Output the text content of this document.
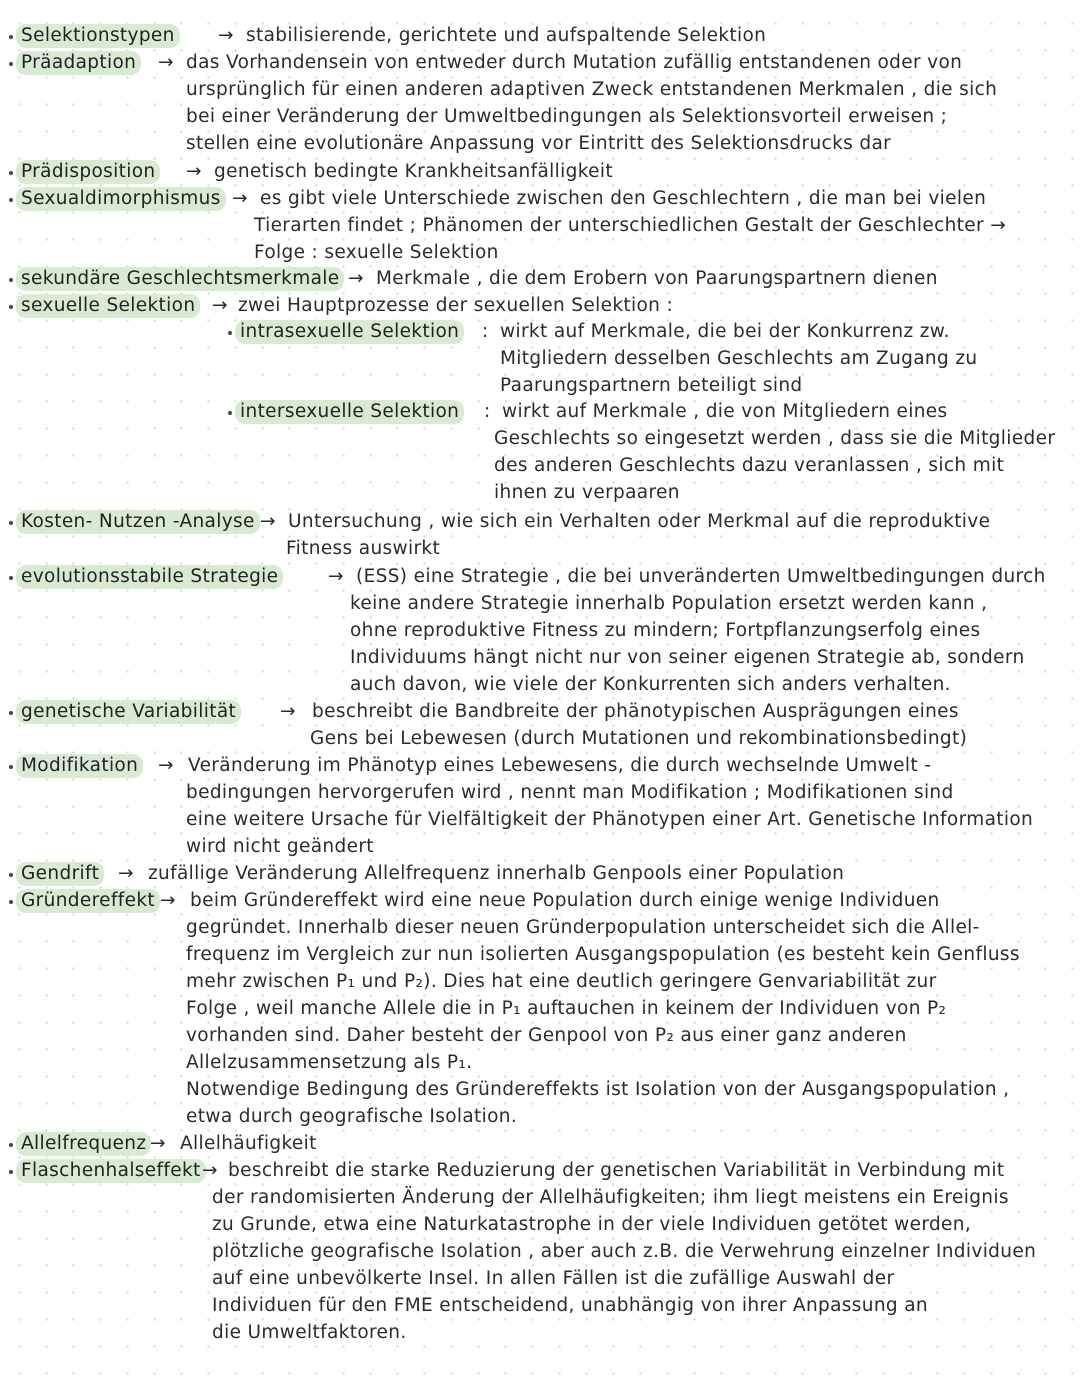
Selektionstypen → stabilisierende, gerichtete und aufspaltende Selektion
Präadaption → das Vorhandensein von entweder durch Mutation zufällig entstandenen oder von
ursprünglich für einen anderen adaptiven Zweck entstandenen Merkmalen , die sich
bei einer Veränderung der Umweltbedingungen als Selektionsvorteil erweisen ;
stellen eine evolutionäre Anpassung vor Eintritt des Selektionsdrucks dar
Prädisposition → genetisch bedingte Krankheitsanfälligkeit
Sexualdimorphismus → es gibt viele Unterschiede zwischen den Geschlechtern , die man bei vielen
Tierarten findet ; Phänomen der unterschiedlichen Gestalt der Geschlechter →
Folge : sexuelle Selektion
sekundäre Geschlechtsmerkmale → Merkmale , die dem Erobern von Paarungspartnern dienen
sexuelle Selektion → zwei Hauptprozesse der sexuellen Selektion :
intrasexuelle Selektion : wirkt auf Merkmale, die bei der Konkurrenz zw.
Mitgliedern desselben Geschlechts am Zugang zu
Paarungspartnern beteiligt sind
intersexuelle Selektion : wirkt auf Merkmale , die von Mitgliedern eines
Geschlechts so eingesetzt werden , dass sie die Mitglieder
des anderen Geschlechts dazu veranlassen , sich mit
ihnen zu verpaaren
Kosten- Nutzen -Analyse → Untersuchung , wie sich ein Verhalten oder Merkmal auf die reproduktive
Fitness auswirkt
evolutionsstabile Strategie	→ (ESS) eine Strategie , die bei unveränderten Umweltbedingungen durch
keine andere Strategie innerhalb Population ersetzt werden kann ,
ohne reproduktive Fitness zu mindern; Fortpflanzungserfolg eines
Individuums hängt nicht nur von seiner eigenen Strategie ab, sondern
auch davon, wie viele der Konkurrenten sich anders verhalten.
genetische Variabilität → beschreibt die Bandbreite der phänotypischen Ausprägungen eines
Gens bei Lebewesen (durch Mutationen und rekombinationsbedingt)
Modifikation → Veränderung im Phänotyp eines Lebewesens, die durch wechselnde Umwelt -
bedingungen hervorgerufen wird , nennt man Modifikation ; Modifikationen sind
eine weitere Ursache für Vielfältigkeit der Phänotypen einer Art. Genetische Information
wird nicht geändert
Gendrift → zufällige Veränderung Allelfrequenz innerhalb Genpools einer Population
Gründereffekt → beim Gründereffekt wird eine neue Population durch einige wenige Individuen
gegründet. Innerhalb dieser neuen Gründerpopulation unterscheidet sich die Allel-
frequenz im Vergleich zur nun isolierten Ausgangspopulation (es besteht kein Genfluss
mehr zwischen P₁ und P₂). Dies hat eine deutlich geringere Genvariabilität zur
Folge , weil manche Allele die in P₁ auftauchen in keinem der Individuen von P₂
vorhanden sind. Daher besteht der Genpool von P₂ aus einer ganz anderen
Allelzusammensetzung als P₁.
Notwendige Bedingung des Gründereffekts ist Isolation von der Ausgangspopulation ,
etwa durch geografische Isolation.
Allelfrequenz → Allelhäufigkeit
Flaschenhalseffekt → beschreibt die starke Reduzierung der genetischen Variabilität in Verbindung mit
der randomisierten Änderung der Allelhäufigkeiten; ihm liegt meistens ein Ereignis
zu Grunde, etwa eine Naturkatastrophe in der viele Individuen getötet werden,
plötzliche geografische Isolation , aber auch z.B. die Verwehrung einzelner Individuen
auf eine unbevölkerte Insel. In allen Fällen ist die zufällige Auswahl der
Individuen für den FME entscheidend, unabhängig von ihrer Anpassung an
die Umweltfaktoren.
